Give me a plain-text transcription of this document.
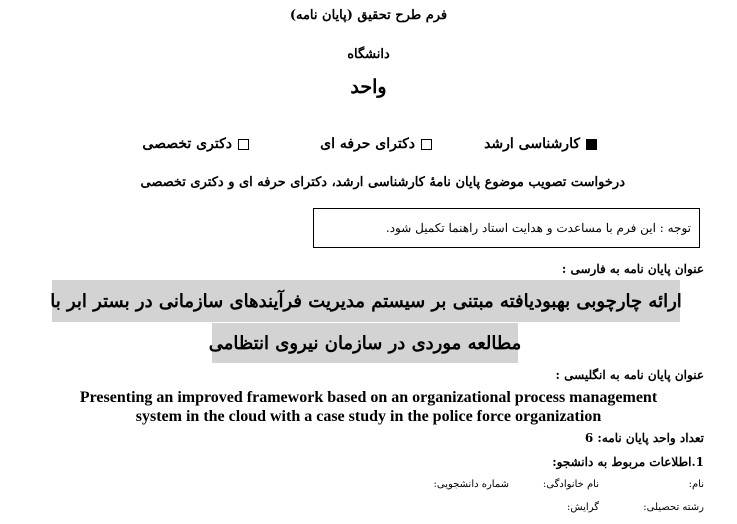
فرم طرح تحقیق (پایان نامه)
دانشگاه
واحد
کارشناسی ارشد
دکترای حرفه ای
دکتری تخصصی
درخواست تصویب موضوع پایان نامهٔ کارشناسی ارشد، دکترای حرفه ای و دکتری تخصصی
توجه : این فرم با مساعدت و هدایت استاد راهنما تکمیل شود.
عنوان پایان نامه به فارسی :
ارائه چارچوبی بهبودیافته مبتنی بر سیستم مدیریت فرآیندهای سازمانی در بستر ابر با
مطالعه موردی در سازمان نیروی انتظامی
عنوان پایان نامه به انگلیسی :
Presenting an improved framework based on an organizational process management
system in the cloud with a case study in the police force organization
تعداد واحد پایان نامه: 6
1.اطلاعات مربوط به دانشجو:
نام:
نام خانوادگی:
شماره دانشجویی:
رشته تحصیلی:
گرایش:
